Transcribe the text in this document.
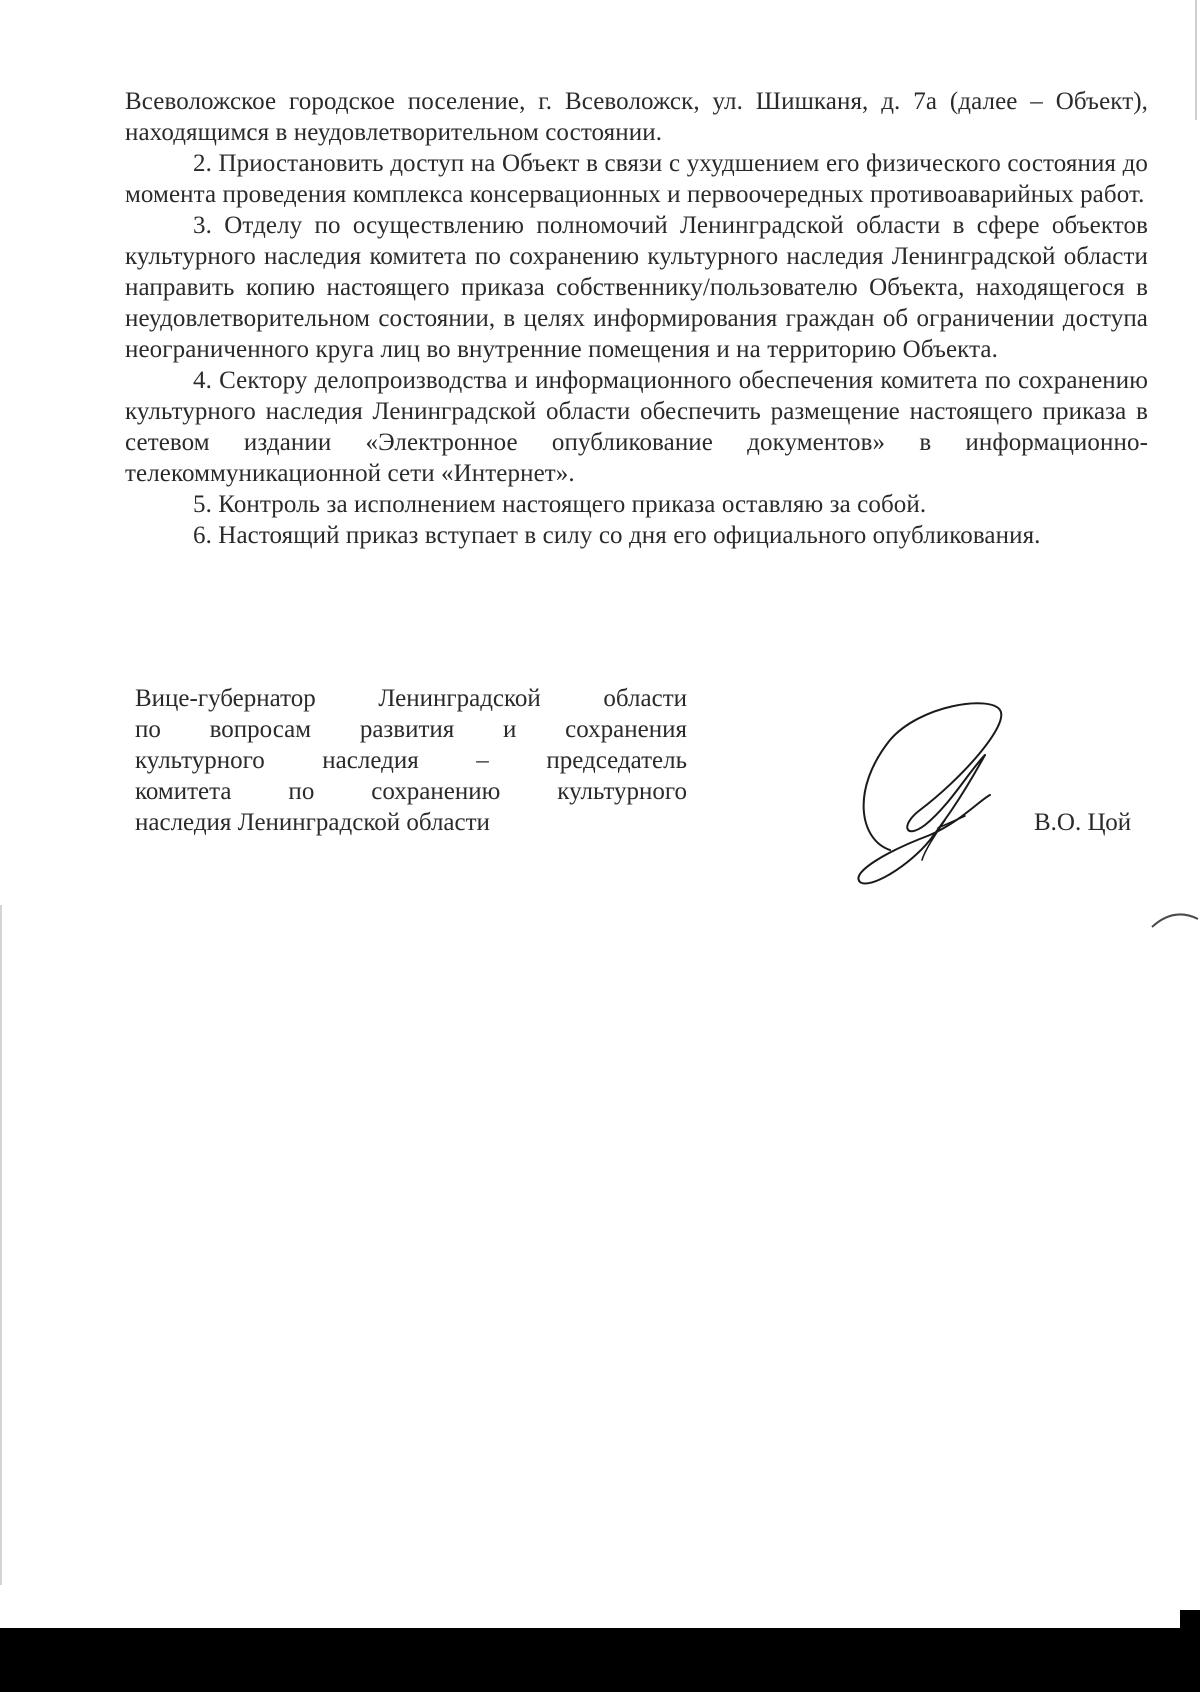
Всеволожское городское поселение, г. Всеволожск, ул. Шишканя, д. 7а (далее – Объект), находящимся в неудовлетворительном состоянии.

2. Приостановить доступ на Объект в связи с ухудшением его физического состояния до момента проведения комплекса консервационных и первоочередных противоаварийных работ.

3. Отделу по осуществлению полномочий Ленинградской области в сфере объектов культурного наследия комитета по сохранению культурного наследия Ленинградской области направить копию настоящего приказа собственнику/пользователю Объекта, находящегося в неудовлетворительном состоянии, в целях информирования граждан об ограничении доступа неограниченного круга лиц во внутренние помещения и на территорию Объекта.

4. Сектору делопроизводства и информационного обеспечения комитета по сохранению культурного наследия Ленинградской области обеспечить размещение настоящего приказа в сетевом издании «Электронное опубликование документов» в информационно-телекоммуникационной сети «Интернет».

5. Контроль за исполнением настоящего приказа оставляю за собой.

6. Настоящий приказ вступает в силу со дня его официального опубликования.

Вице-губернатор Ленинградской области
по вопросам развития и сохранения
культурного наследия – председатель
комитета по сохранению культурного
наследия Ленинградской области	В.О. Цой
